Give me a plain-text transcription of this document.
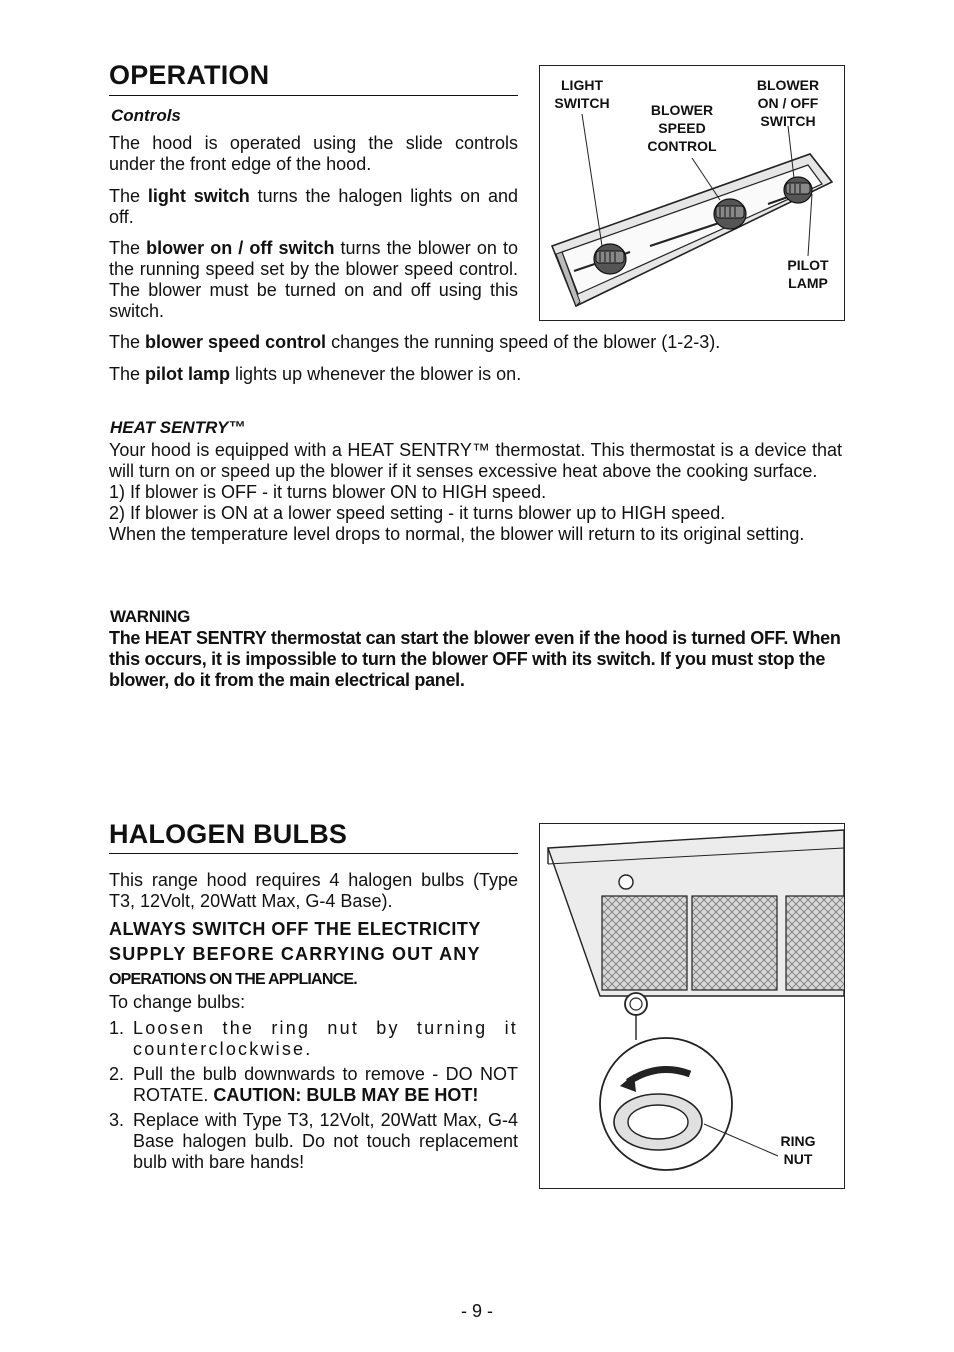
OPERATION

Controls

The hood is operated using the slide controls under the front edge of the hood.

The light switch turns the halogen lights on and off.

The blower on / off switch turns the blower on to the running speed set by the blower speed control. The blower must be turned on and off using this switch.

The blower speed control changes the running speed of the blower (1-2-3).

The pilot lamp lights up whenever the blower is on.

LIGHT
SWITCH	BLOWER
SPEED
CONTROL
BLOWER
ON / OFF
SWITCH
PILOT
LAMP

HEAT SENTRY™

Your hood is equipped with a HEAT SENTRY™ thermostat. This thermostat is a device that will turn on or speed up the blower if it senses excessive heat above the cooking surface.

1) If blower is OFF - it turns blower ON to HIGH speed.

2) If blower is ON at a lower speed setting - it turns blower up to HIGH speed.

When the temperature level drops to normal, the blower will return to its original setting.

WARNING

The HEAT SENTRY thermostat can start the blower even if the hood is turned OFF. When this occurs, it is impossible to turn the blower OFF with its switch. If you must stop the blower, do it from the main electrical panel.

HALOGEN BULBS

This range hood requires 4 halogen bulbs (Type T3, 12Volt, 20Watt Max, G-4 Base).

ALWAYS SWITCH OFF THE ELECTRICITY
SUPPLY BEFORE CARRYING OUT ANY
OPERATIONS ON THE APPLIANCE.

To change bulbs:

1. Loosen the ring nut by turning it counterclockwise.
2. Pull the bulb downwards to remove - DO NOT ROTATE. CAUTION: BULB MAY BE HOT!
3. Replace with Type T3, 12Volt, 20Watt Max, G-4 Base halogen bulb. Do not touch replacement bulb with bare hands!
RING
NUT

- 9 -
